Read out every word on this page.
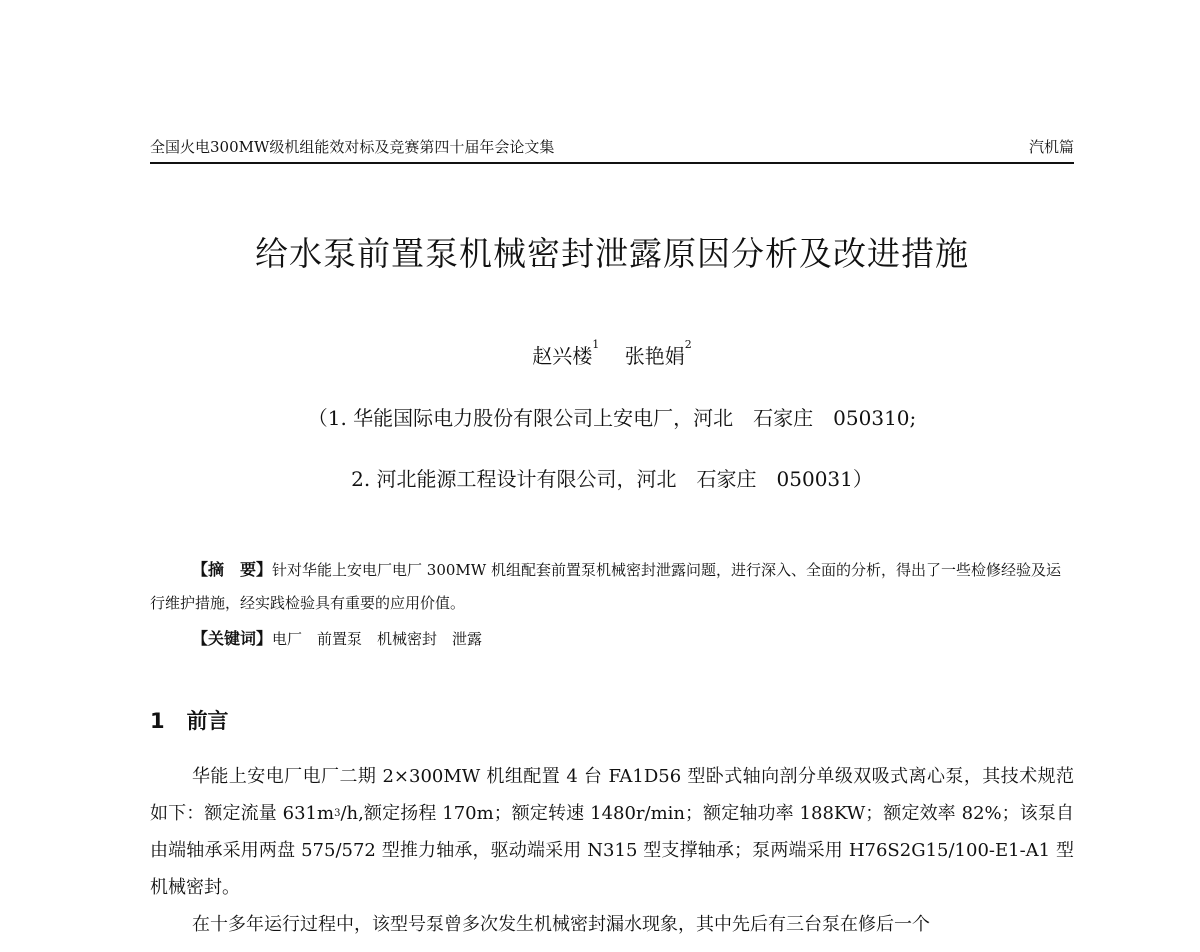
全国火电300MW级机组能效对标及竞赛第四十届年会论文集	汽机篇
给水泵前置泵机械密封泄露原因分析及改进措施
赵兴楼$^1$ 张艳娟$^2$
（1. 华能国际电力股份有限公司上安电厂，河北　石家庄　050310;
2. 河北能源工程设计有限公司，河北　石家庄　050031）

【摘　要】针对华能上安电厂电厂 300MW 机组配套前置泵机械密封泄露问题，进行深入、全面的分析，得出了一些检修经验及运行维护措施，经实践检验具有重要的应用价值。

【关键词】电厂　前置泵　机械密封　泄露

1 前言

华能上安电厂电厂二期 2×300MW 机组配置 4 台 FA1D56 型卧式轴向剖分单级双吸式离心泵，其技术规范如下：额定流量 $631m^3/h$,额定扬程 170m；额定转速 1480r/min；额定轴功率 188KW；额定效率 82%；该泵自由端轴承采用两盘 575/572 型推力轴承，驱动端采用 N315 型支撑轴承；泵两端采用 H76S2G15/100-E1-A1 型机械密封。

在十多年运行过程中，该型号泵曾多次发生机械密封漏水现象，其中先后有三台泵在修后一个
